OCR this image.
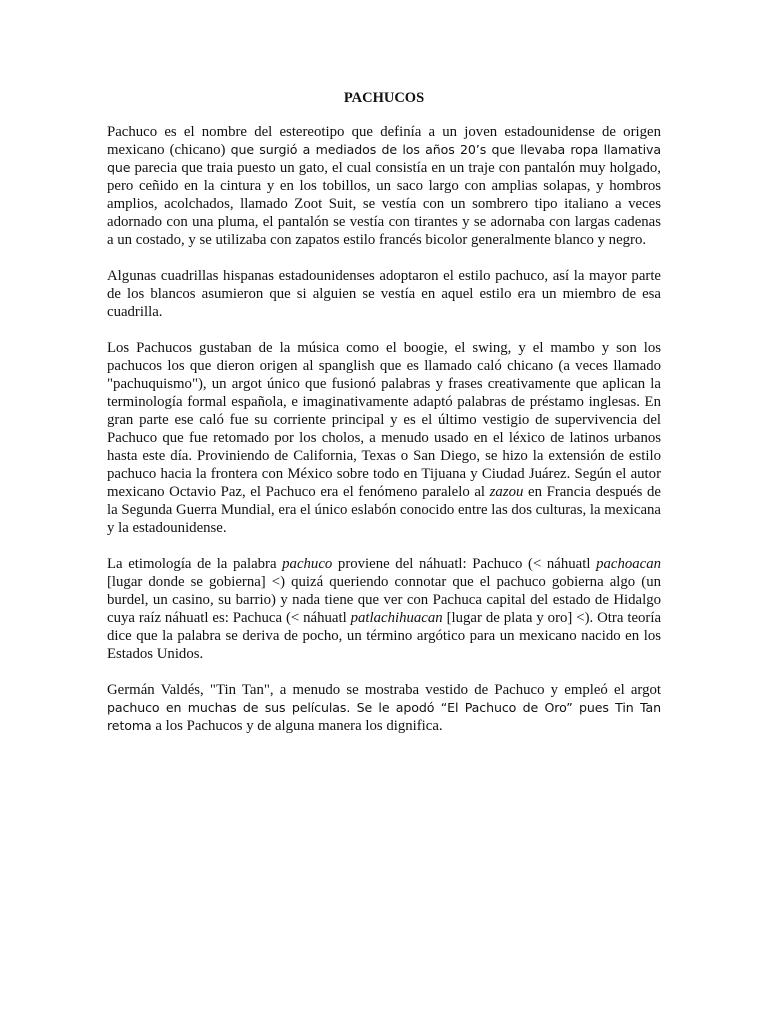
PACHUCOS

Pachuco es el nombre del estereotipo que definía a un joven estadounidense de origen mexicano (chicano) que surgió a mediados de los años 20’s que llevaba ropa llamativa que parecia que traia puesto un gato, el cual consistía en un traje con pantalón muy holgado, pero ceñido en la cintura y en los tobillos, un saco largo con amplias solapas, y hombros amplios, acolchados, llamado Zoot Suit, se vestía con un sombrero tipo italiano a veces adornado con una pluma, el pantalón se vestía con tirantes y se adornaba con largas cadenas a un costado, y se utilizaba con zapatos estilo francés bicolor generalmente blanco y negro.

Algunas cuadrillas hispanas estadounidenses adoptaron el estilo pachuco, así la mayor parte de los blancos asumieron que si alguien se vestía en aquel estilo era un miembro de esa cuadrilla.

Los Pachucos gustaban de la música como el boogie, el swing, y el mambo y son los pachucos los que dieron origen al spanglish que es llamado caló chicano (a veces llamado "pachuquismo"), un argot único que fusionó palabras y frases creativamente que aplican la terminología formal española, e imaginativamente adaptó palabras de préstamo inglesas. En gran parte ese caló fue su corriente principal y es el último vestigio de supervivencia del Pachuco que fue retomado por los cholos, a menudo usado en el léxico de latinos urbanos hasta este día. Proviniendo de California, Texas o San Diego, se hizo la extensión de estilo pachuco hacia la frontera con México sobre todo en Tijuana y Ciudad Juárez. Según el autor mexicano Octavio Paz, el Pachuco era el fenómeno paralelo al zazou en Francia después de la Segunda Guerra Mundial, era el único eslabón conocido entre las dos culturas, la mexicana y la estadounidense.

La etimología de la palabra pachuco proviene del náhuatl: Pachuco (< náhuatl pachoacan [lugar donde se gobierna] <) quizá queriendo connotar que el pachuco gobierna algo (un burdel, un casino, su barrio) y nada tiene que ver con Pachuca capital del estado de Hidalgo cuya raíz náhuatl es: Pachuca (< náhuatl patlachihuacan [lugar de plata y oro] <). Otra teoría dice que la palabra se deriva de pocho, un término argótico para un mexicano nacido en los Estados Unidos.

Germán Valdés, "Tin Tan", a menudo se mostraba vestido de Pachuco y empleó el argot pachuco en muchas de sus películas. Se le apodó “El Pachuco de Oro” pues Tin Tan retoma a los Pachucos y de alguna manera los dignifica.
